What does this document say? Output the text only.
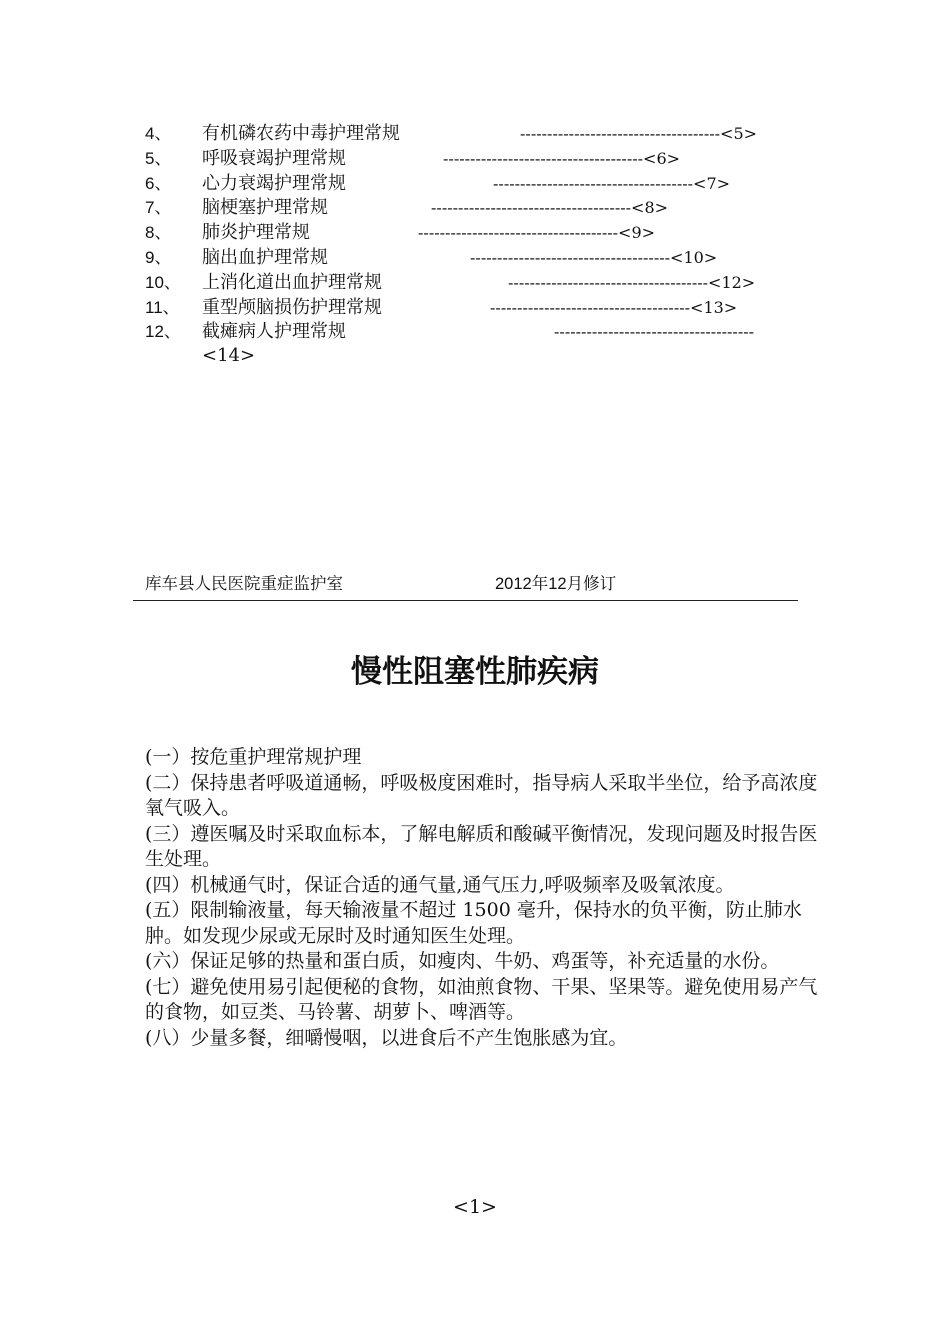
4、 有机磷农药中毒护理常规	-------------------------------------<5>
5、 呼吸衰竭护理常规	-------------------------------------<6>
6、 心力衰竭护理常规	-------------------------------------<7>
7、 脑梗塞护理常规	-------------------------------------<8>
8、 肺炎护理常规	-------------------------------------<9>
9、 脑出血护理常规	-------------------------------------<10>
10、 上消化道出血护理常规	-------------------------------------<12>
11、 重型颅脑损伤护理常规	-------------------------------------<13>
12、 截瘫病人护理常规	-------------------------------------
<14>
库车县人民医院重症监护室	2012年12月修订
慢性阻塞性肺疾病

(一）按危重护理常规护理

(二）保持患者呼吸道通畅，呼吸极度困难时，指导病人采取半坐位，给予高浓度氧气吸入。

(三）遵医嘱及时采取血标本，了解电解质和酸碱平衡情况，发现问题及时报告医生处理。

(四）机械通气时，保证合适的通气量,通气压力,呼吸频率及吸氧浓度。

(五）限制输液量，每天输液量不超过 1500 毫升，保持水的负平衡，防止肺水肿。如发现少尿或无尿时及时通知医生处理。

(六）保证足够的热量和蛋白质，如瘦肉、牛奶、鸡蛋等，补充适量的水份。

(七）避免使用易引起便秘的食物，如油煎食物、干果、坚果等。避免使用易产气的食物，如豆类、马铃薯、胡萝卜、啤酒等。

(八）少量多餐，细嚼慢咽，以进食后不产生饱胀感为宜。

<1>
